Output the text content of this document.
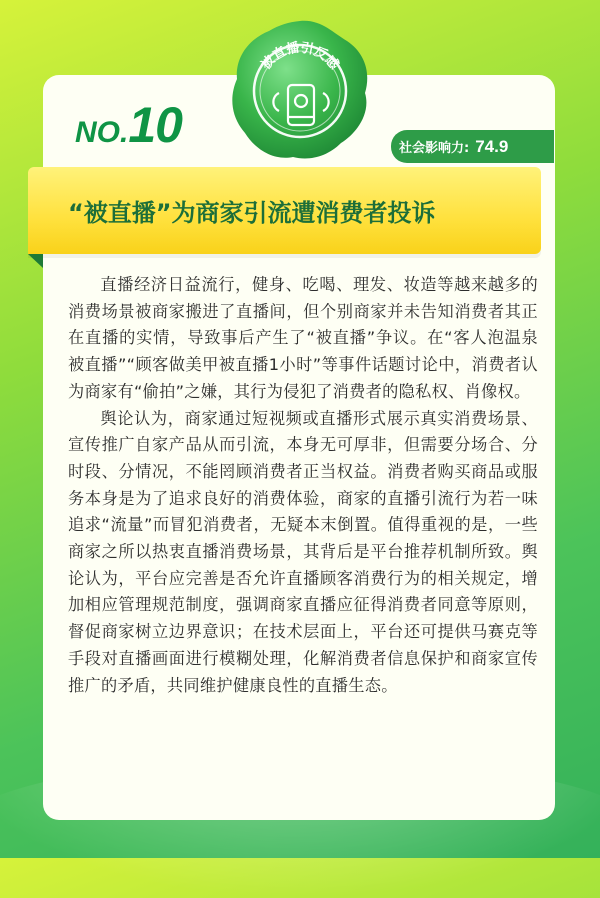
NO.10
被直播引反感
社会影响力: 74.9
“被直播”为商家引流遭消费者投诉

直播经济日益流行，健身、吃喝、理发、妆造等越来越多的消费场景被商家搬进了直播间，但个别商家并未告知消费者其正在直播的实情，导致事后产生了“被直播”争议。在“客人泡温泉被直播”“顾客做美甲被直播1小时”等事件话题讨论中，消费者认为商家有“偷拍”之嫌，其行为侵犯了消费者的隐私权、肖像权。

舆论认为，商家通过短视频或直播形式展示真实消费场景、宣传推广自家产品从而引流，本身无可厚非，但需要分场合、分时段、分情况，不能罔顾消费者正当权益。消费者购买商品或服务本身是为了追求良好的消费体验，商家的直播引流行为若一味追求“流量”而冒犯消费者，无疑本末倒置。值得重视的是，一些商家之所以热衷直播消费场景，其背后是平台推荐机制所致。舆论认为，平台应完善是否允许直播顾客消费行为的相关规定，增加相应管理规范制度，强调商家直播应征得消费者同意等原则，督促商家树立边界意识；在技术层面上，平台还可提供马赛克等手段对直播画面进行模糊处理，化解消费者信息保护和商家宣传推广的矛盾，共同维护健康良性的直播生态。
